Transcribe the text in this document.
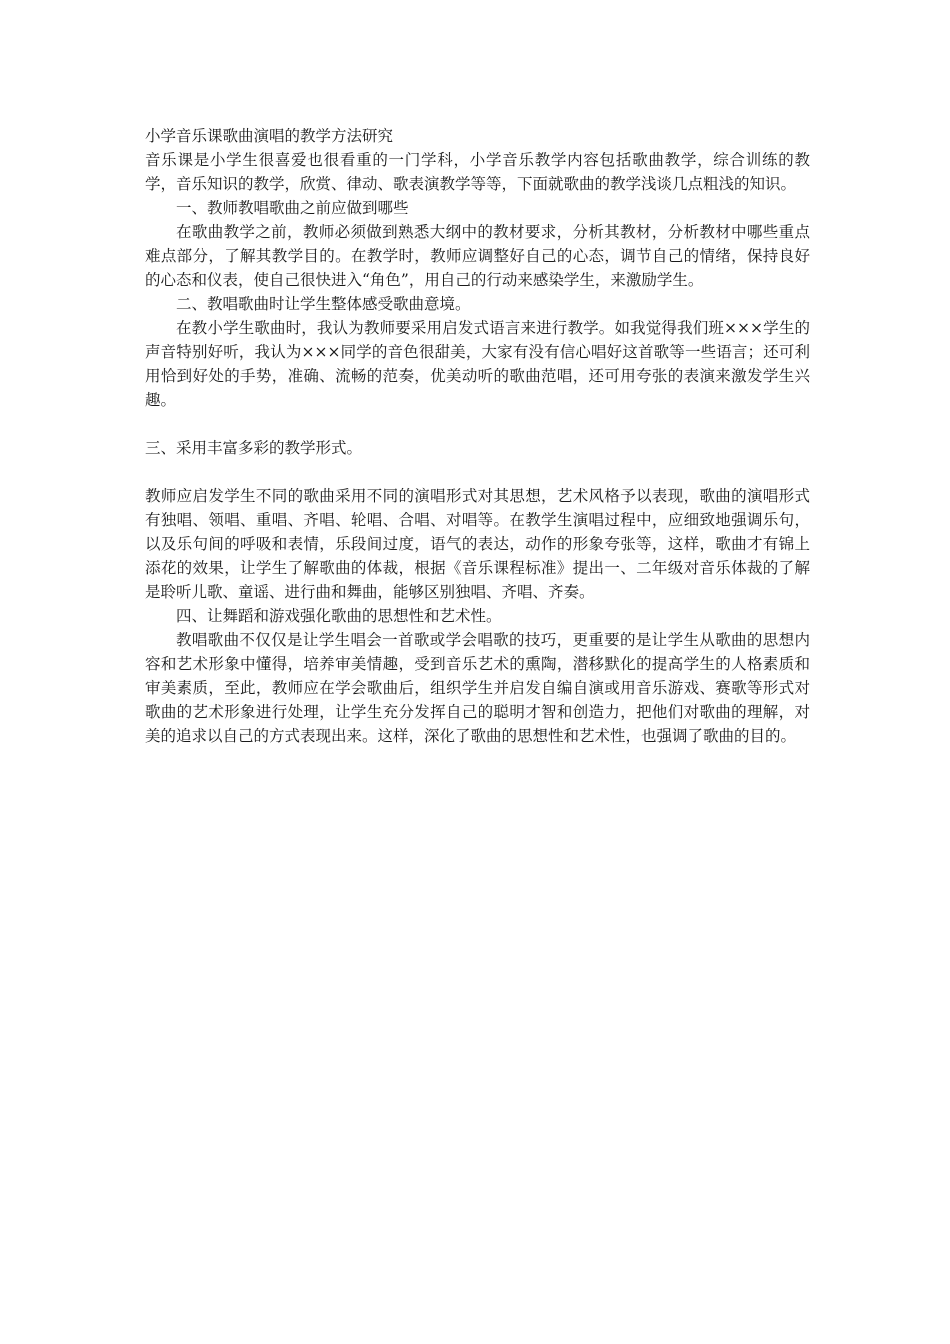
小学音乐课歌曲演唱的教学方法研究

音乐课是小学生很喜爱也很看重的一门学科，小学音乐教学内容包括歌曲教学，综合训练的教学，音乐知识的教学，欣赏、律动、歌表演教学等等，下面就歌曲的教学浅谈几点粗浅的知识。

一、教师教唱歌曲之前应做到哪些

在歌曲教学之前，教师必须做到熟悉大纲中的教材要求，分析其教材，分析教材中哪些重点难点部分，了解其教学目的。在教学时，教师应调整好自己的心态，调节自己的情绪，保持良好的心态和仪表，使自己很快进入“角色”，用自己的行动来感染学生，来激励学生。

二、教唱歌曲时让学生整体感受歌曲意境。

在教小学生歌曲时，我认为教师要采用启发式语言来进行教学。如我觉得我们班×××学生的声音特别好听，我认为×××同学的音色很甜美，大家有没有信心唱好这首歌等一些语言；还可利用恰到好处的手势，准确、流畅的范奏，优美动听的歌曲范唱，还可用夸张的表演来激发学生兴趣。

三、采用丰富多彩的教学形式。

教师应启发学生不同的歌曲采用不同的演唱形式对其思想，艺术风格予以表现，歌曲的演唱形式有独唱、领唱、重唱、齐唱、轮唱、合唱、对唱等。在教学生演唱过程中，应细致地强调乐句，以及乐句间的呼吸和表情，乐段间过度，语气的表达，动作的形象夸张等，这样，歌曲才有锦上添花的效果，让学生了解歌曲的体裁，根据《音乐课程标准》提出一、二年级对音乐体裁的了解是聆听儿歌、童谣、进行曲和舞曲，能够区别独唱、齐唱、齐奏。

四、让舞蹈和游戏强化歌曲的思想性和艺术性。

教唱歌曲不仅仅是让学生唱会一首歌或学会唱歌的技巧，更重要的是让学生从歌曲的思想内容和艺术形象中懂得，培养审美情趣，受到音乐艺术的熏陶，潜移默化的提高学生的人格素质和审美素质，至此，教师应在学会歌曲后，组织学生并启发自编自演或用音乐游戏、赛歌等形式对歌曲的艺术形象进行处理，让学生充分发挥自己的聪明才智和创造力，把他们对歌曲的理解，对美的追求以自己的方式表现出来。这样，深化了歌曲的思想性和艺术性，也强调了歌曲的目的。
